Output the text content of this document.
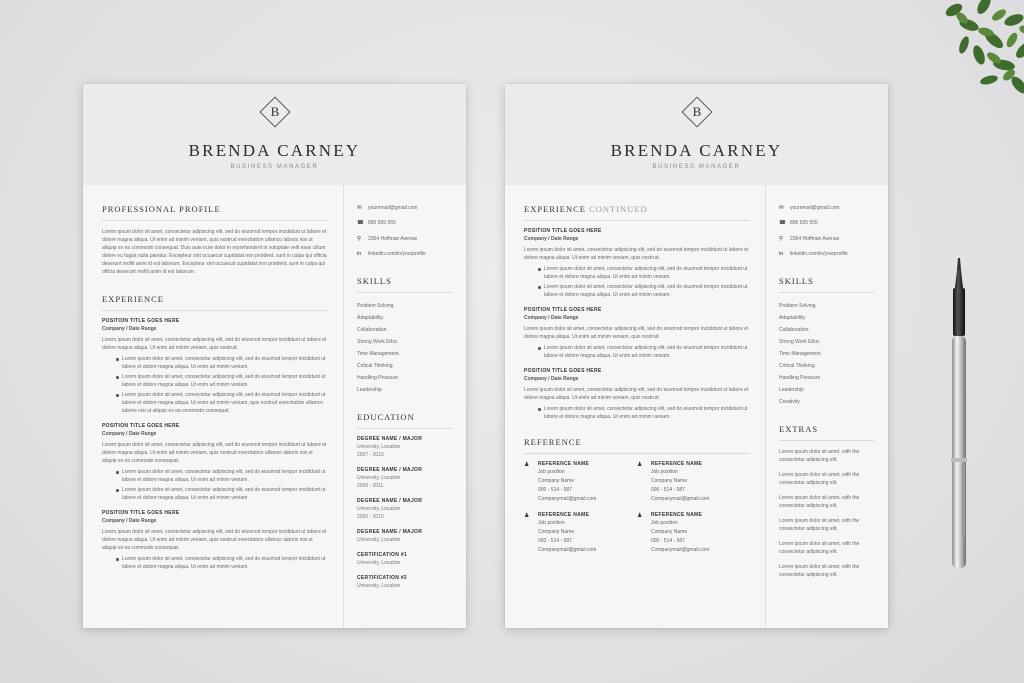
B
BRENDA CARNEY
BUSINESS MANAGER
PROFESSIONAL PROFILE
Lorem ipsum dolor sit amet, consectetur adipiscing elit, sed do eiusmod tempor incididunt ut labore et dolore magna aliqua. Ut enim ad minim veniam, quis nostrud exercitation ullamco laboris nisi ut aliquip ex ea commodo consequat. Duis aute irure dolor in reprehenderit in voluptate velit esse cillum dolore eu fugiat nulla pariatur. Excepteur sint occaecat cupidatat non proident, sunt in culpa qui officia deserunt mollit anim id est laborum. Excepteur sint occaecat cupidatat non proident, sunt in culpa qui officia deserunt mollit anim id est laborum.
EXPERIENCE
POSITION TITLE GOES HERE
Company / Date Range
Lorem ipsum dolor sit amet, consectetur adipiscing elit, sed do eiusmod tempor incididunt ut labore et dolore magna aliqua. Ut enim ad minim veniam, quis nostrud.
Lorem ipsum dolor sit amet, consectetur adipiscing elit, sed do eiusmod tempor incididunt ut labore et dolore magna aliqua. Ut enim ad minim veniam.
Lorem ipsum dolor sit amet, consectetur adipiscing elit, sed do eiusmod tempor incididunt ut labore et dolore magna aliqua. Ut enim ad minim veniam.
Lorem ipsum dolor sit amet, consectetur adipiscing elit, sed do eiusmod tempor incididunt ut labore et dolore magna aliqua. Ut enim ad minim veniam, quis nostrud exercitation ullamco laboris nisi ut aliquip ex ea commodo consequat.
POSITION TITLE GOES HERE
Company / Date Range
Lorem ipsum dolor sit amet, consectetur adipiscing elit, sed do eiusmod tempor incididunt ut labore et dolore magna aliqua. Ut enim ad minim veniam, quis nostrud exercitation ullamco laboris nisi ut aliquip ex ea commodo consequat.
Lorem ipsum dolor sit amet, consectetur adipiscing elit, sed do eiusmod tempor incididunt ut labore et dolore magna aliqua. Ut enim ad minim veniam.
Lorem ipsum dolor sit amet, consectetur adipiscing elit, sed do eiusmod tempor incididunt ut labore et dolore magna aliqua. Ut enim ad minim veniam.
POSITION TITLE GOES HERE
Company / Date Range
Lorem ipsum dolor sit amet, consectetur adipiscing elit, sed do eiusmod tempor incididunt ut labore et dolore magna aliqua. Ut enim ad minim veniam, quis nostrud exercitation ullamco laboris nisi ut aliquip ex ea commodo consequat.
Lorem ipsum dolor sit amet, consectetur adipiscing elit, sed do eiusmod tempor incididunt ut labore et dolore magna aliqua. Ut enim ad minim veniam.
✉	youremail@gmail.com
☎ 895 555 555
⚲	2364 Hoffman Avenue
in	linkedin.com/in/yourprofile
SKILLS
Problem Solving.
Adaptability.
Collaboration.
Strong Work Ethic.
Time Management.
Critical Thinking.
Handling Pressure
Leadership
EDUCATION
DEGREE NAME / MAJOR
University, Location
2007 - 2013
DEGREE NAME / MAJOR
University, Location
2006 - 2011
DEGREE NAME / MAJOR
University, Location
2005 - 2010
DEGREE NAME / MAJOR
University, Location
CERTIFICATION #1
University, Location
CERTIFICATION #2
University, Location
B
BRENDA CARNEY
BUSINESS MANAGER
EXPERIENCE CONTINUED
POSITION TITLE GOES HERE
Company / Date Range
Lorem ipsum dolor sit amet, consectetur adipiscing elit, sed do eiusmod tempor incididunt ut labore et dolore magna aliqua. Ut enim ad minim veniam, quis nostrud.
Lorem ipsum dolor sit amet, consectetur adipiscing elit, sed do eiusmod tempor incididunt ut labore et dolore magna aliqua. Ut enim ad minim veniam.
Lorem ipsum dolor sit amet, consectetur adipiscing elit, sed do eiusmod tempor incididunt ut labore et dolore magna aliqua. Ut enim ad minim veniam.
POSITION TITLE GOES HERE
Company / Date Range
Lorem ipsum dolor sit amet, consectetur adipiscing elit, sed do eiusmod tempor incididunt ut labore et dolore magna aliqua. Ut enim ad minim veniam, quis nostrud.
Lorem ipsum dolor sit amet, consectetur adipiscing elit, sed do eiusmod tempor incididunt ut labore et dolore magna aliqua. Ut enim ad minim veniam.
POSITION TITLE GOES HERE
Company / Date Range
Lorem ipsum dolor sit amet, consectetur adipiscing elit, sed do eiusmod tempor incididunt ut labore et dolore magna aliqua. Ut enim ad minim veniam, quis nostrud.
Lorem ipsum dolor sit amet, consectetur adipiscing elit, sed do eiusmod tempor incididunt ut labore et dolore magna aliqua. Ut enim ad minim veniam.
REFERENCE
♟	REFERENCE NAME
Job position
Company Name
000 - 514 - 587
Companymail@gmail.com
♟	REFERENCE NAME
Job position
Company Name
000 - 514 - 587
Companymail@gmail.com
♟	REFERENCE NAME
Job position
Company Name
000 - 514 - 587
Companymail@gmail.com
♟	REFERENCE NAME
Job position
Company Name
000 - 514 - 587
Companymail@gmail.com
✉	youremail@gmail.com
☎ 895 555 555
⚲	2364 Hoffman Avenue
in	linkedin.com/in/yourprofile
SKILLS
Problem Solving.
Adaptability.
Collaboration.
Strong Work Ethic.
Time Management.
Critical Thinking.
Handling Pressure
Leadership
Creativity
EXTRAS
Lorem ipsum dolor sit amet, with the consectetur adipiscing elit.
Lorem ipsum dolor sit amet, with the consectetur adipiscing elit.
Lorem ipsum dolor sit amet, with the consectetur adipiscing elit.
Lorem ipsum dolor sit amet, with the consectetur adipiscing elit.
Lorem ipsum dolor sit amet, with the consectetur adipiscing elit.
Lorem ipsum dolor sit amet, with the consectetur adipiscing elit.
